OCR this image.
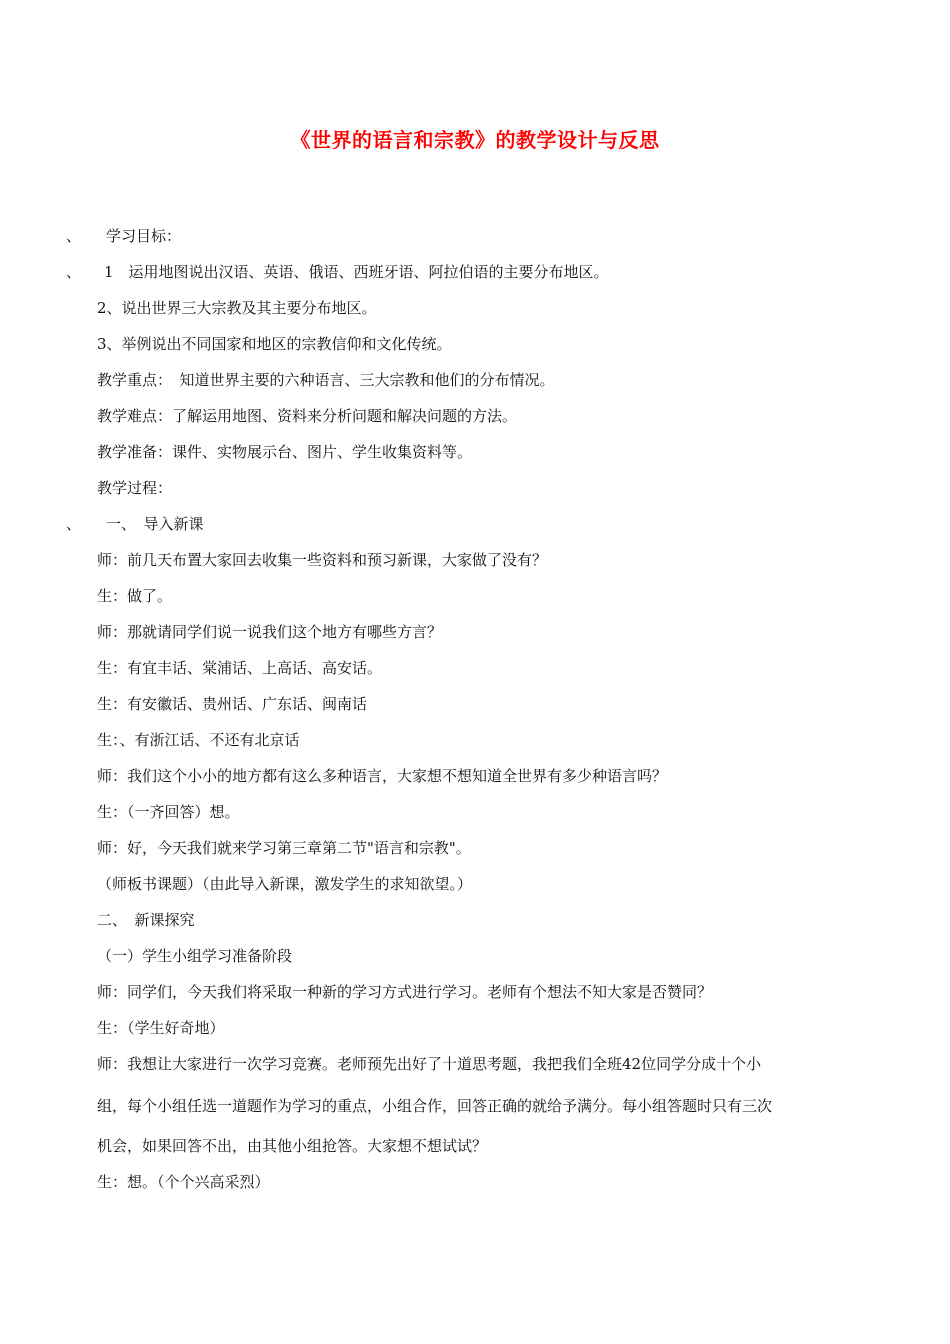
《世界的语言和宗教》的教学设计与反思
、 学习目标：
、 1　运用地图说出汉语、英语、俄语、西班牙语、阿拉伯语的主要分布地区。
2、说出世界三大宗教及其主要分布地区。
3、举例说出不同国家和地区的宗教信仰和文化传统。
教学重点：　知道世界主要的六种语言、三大宗教和他们的分布情况。
教学难点：了解运用地图、资料来分析问题和解决问题的方法。
教学准备：课件、实物展示台、图片、学生收集资料等。
教学过程：
、 一、　导入新课
师：前几天布置大家回去收集一些资料和预习新课，大家做了没有？
生：做了。
师：那就请同学们说一说我们这个地方有哪些方言？
生：有宜丰话、棠浦话、上高话、高安话。
生：有安徽话、贵州话、广东话、闽南话
生：、有浙江话、不还有北京话
师：我们这个小小的地方都有这么多种语言，大家想不想知道全世界有多少种语言吗？
生：（一齐回答）想。
师：好，今天我们就来学习第三章第二节"语言和宗教"。
（师板书课题）（由此导入新课，激发学生的求知欲望。）
二、　新课探究
（一）学生小组学习准备阶段
师：同学们，今天我们将采取一种新的学习方式进行学习。老师有个想法不知大家是否赞同？
生：（学生好奇地）
师：我想让大家进行一次学习竞赛。老师预先出好了十道思考题，我把我们全班42位同学分成十个小
组，每个小组任选一道题作为学习的重点，小组合作，回答正确的就给予满分。每小组答题时只有三次
机会，如果回答不出，由其他小组抢答。大家想不想试试？
生：想。（个个兴高采烈）
